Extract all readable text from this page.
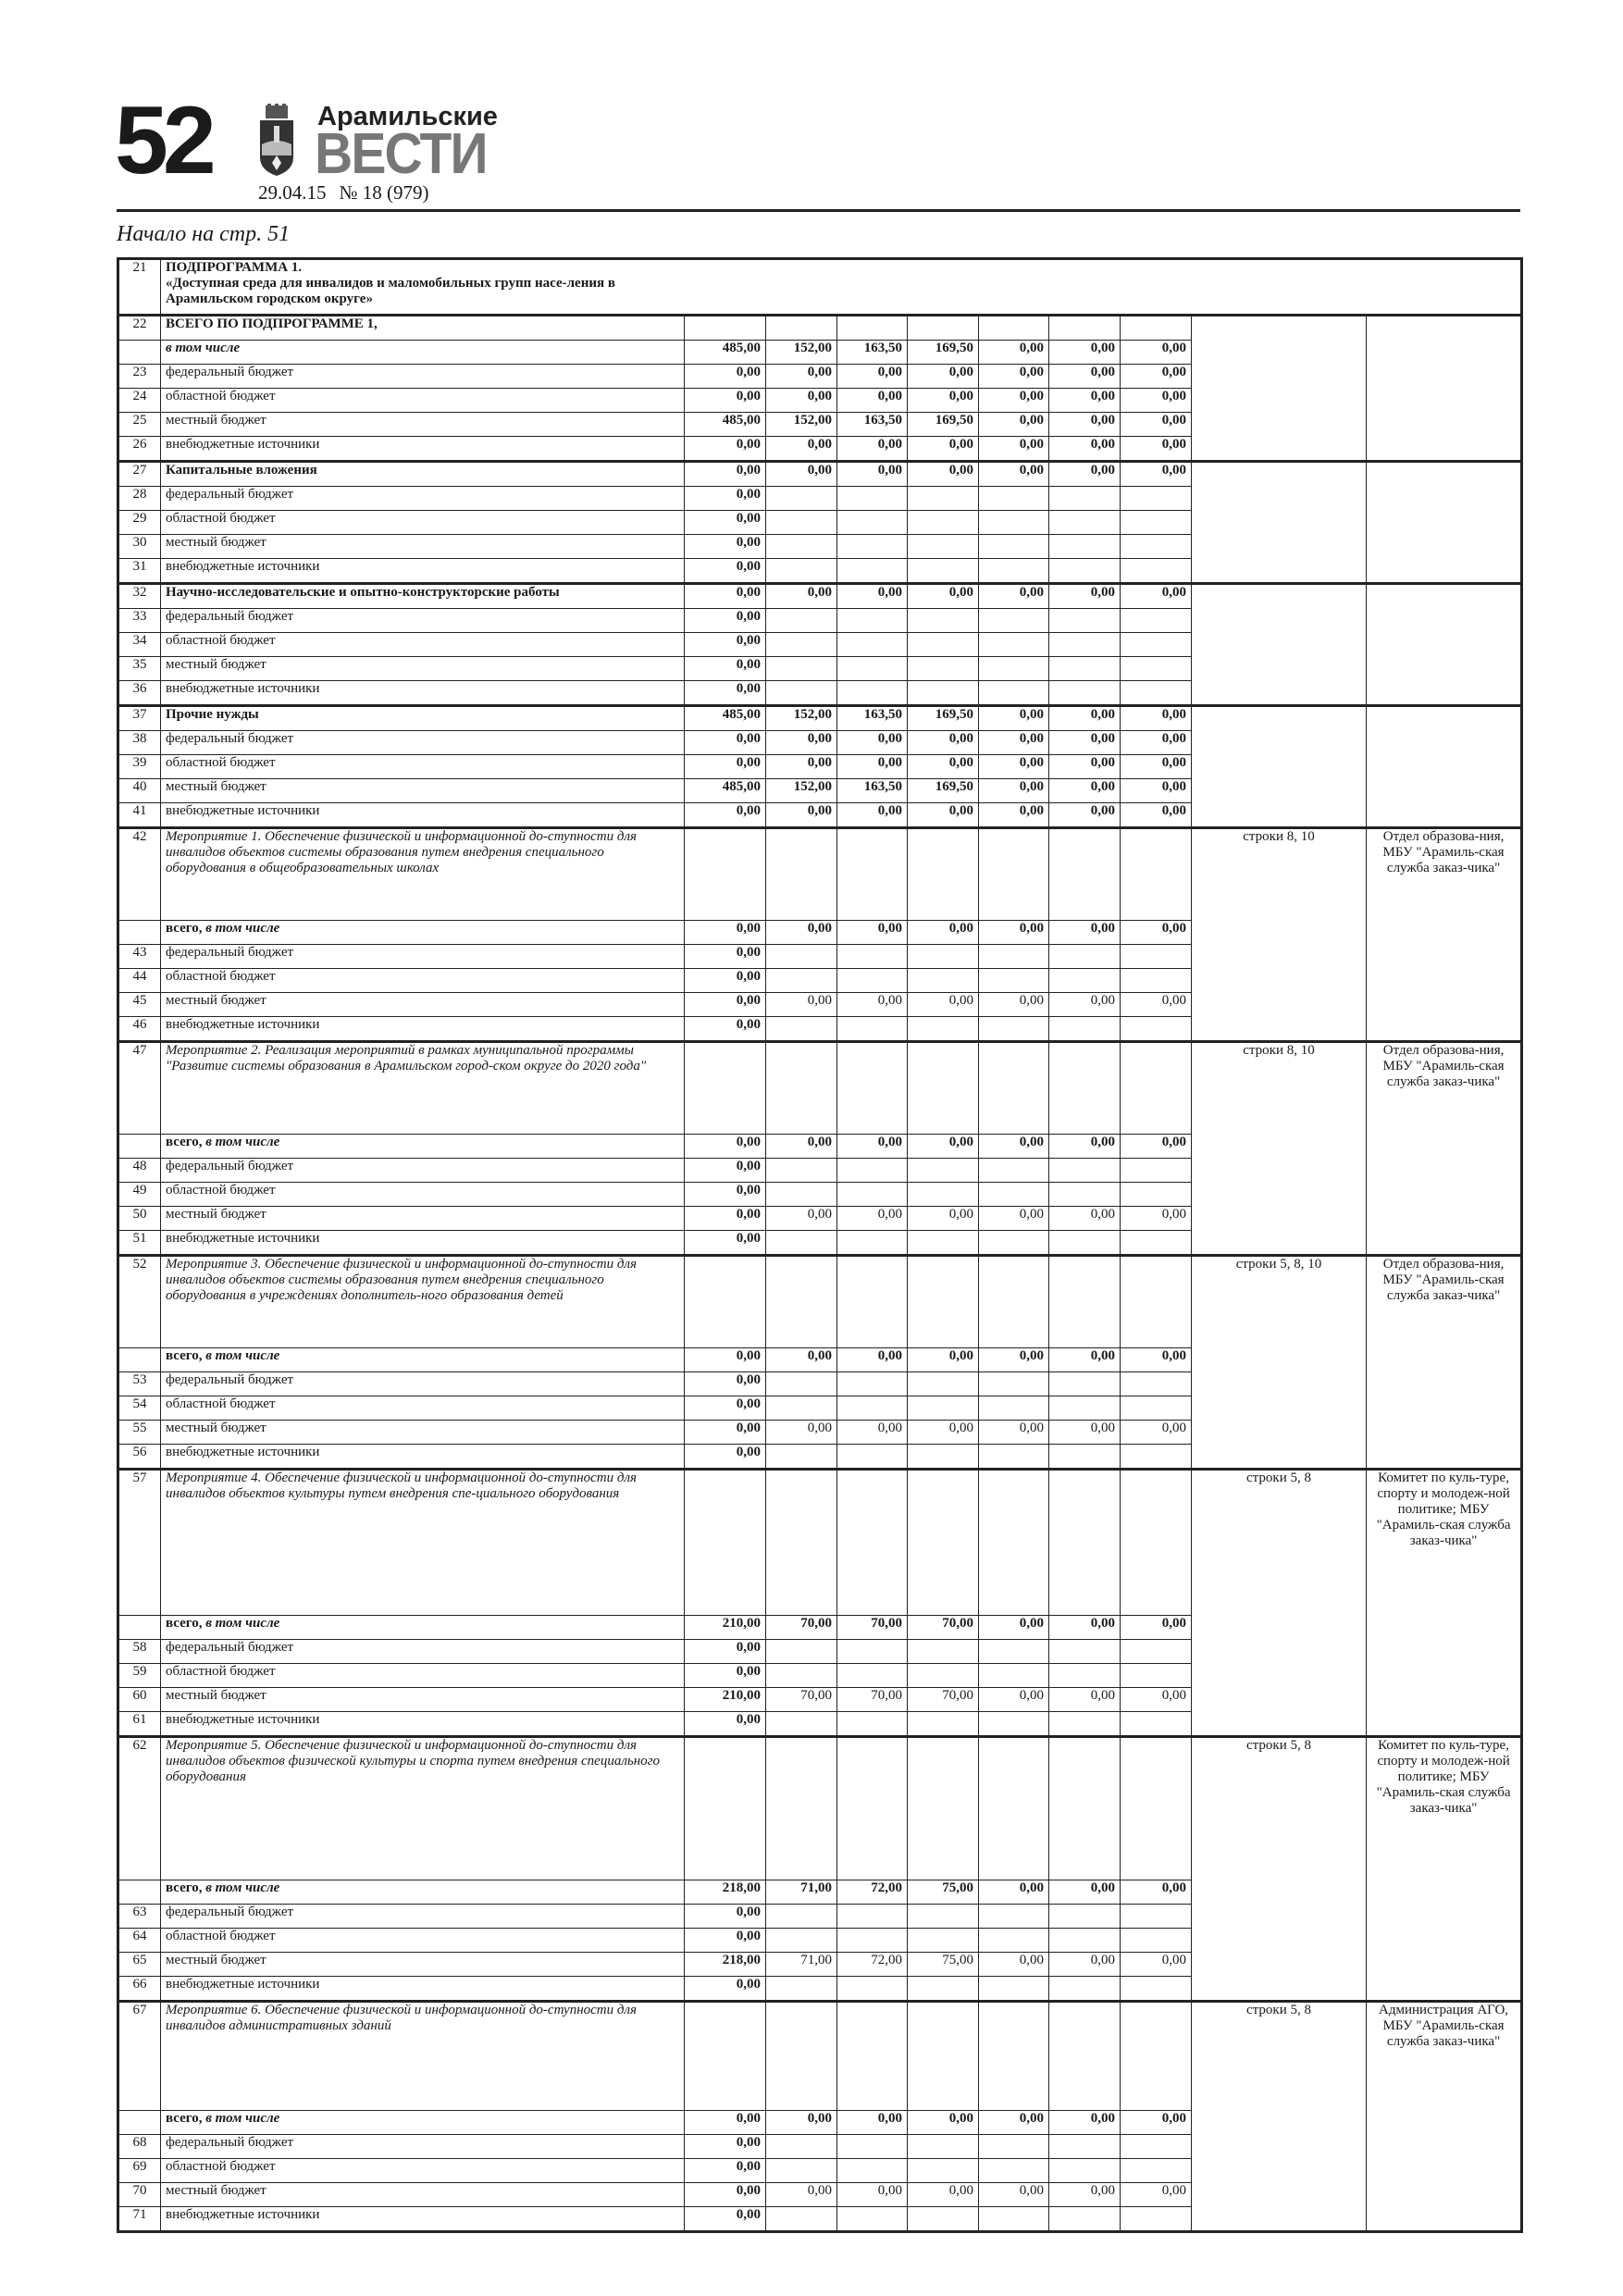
52	Арамильские
ВЕСТИ
29.04.15 № 18 (979)
Начало на стр. 51
21	ПОДПРОГРАММА 1.
«Доступная среда для инвалидов и маломобильных групп насе-ления в Арамильском городском округе»									

22	ВСЕГО ПО ПОДПРОГРАММЕ 1,									
	в том числе	485,00	152,00	163,50	169,50	0,00	0,00	0,00		
23	федеральный бюджет	0,00	0,00	0,00	0,00	0,00	0,00	0,00		
24	областной бюджет	0,00	0,00	0,00	0,00	0,00	0,00	0,00		
25	местный бюджет	485,00	152,00	163,50	169,50	0,00	0,00	0,00		
26	внебюджетные источники	0,00	0,00	0,00	0,00	0,00	0,00	0,00		
27	Капитальные вложения	0,00	0,00	0,00	0,00	0,00	0,00	0,00		
28	федеральный бюджет	0,00								
29	областной бюджет	0,00								
30	местный бюджет	0,00								
31	внебюджетные источники	0,00								
32	Научно-исследовательские и опытно-конструкторские работы	0,00	0,00	0,00	0,00	0,00	0,00	0,00		
33	федеральный бюджет	0,00								
34	областной бюджет	0,00								
35	местный бюджет	0,00								
36	внебюджетные источники	0,00								
37	Прочие нужды	485,00	152,00	163,50	169,50	0,00	0,00	0,00		
38	федеральный бюджет	0,00	0,00	0,00	0,00	0,00	0,00	0,00		
39	областной бюджет	0,00	0,00	0,00	0,00	0,00	0,00	0,00		
40	местный бюджет	485,00	152,00	163,50	169,50	0,00	0,00	0,00		
41	внебюджетные источники	0,00	0,00	0,00	0,00	0,00	0,00	0,00		
42	Мероприятие 1. Обеспечение физической и информационной до-ступности для инвалидов объектов системы образования путем внедрения специального оборудования в общеобразовательных школах								строки 8, 10	Отдел образова-ния, МБУ "Арамиль-ская служба заказ-чика"
	всего, в том числе	0,00	0,00	0,00	0,00	0,00	0,00	0,00		
43	федеральный бюджет	0,00								
44	областной бюджет	0,00								
45	местный бюджет	0,00	0,00	0,00	0,00	0,00	0,00	0,00		
46	внебюджетные источники	0,00								
47	Мероприятие 2. Реализация мероприятий в рамках муниципальной программы "Развитие системы образования в Арамильском город-ском округе до 2020 года"								строки 8, 10	Отдел образова-ния, МБУ "Арамиль-ская служба заказ-чика"
	всего, в том числе	0,00	0,00	0,00	0,00	0,00	0,00	0,00		
48	федеральный бюджет	0,00								
49	областной бюджет	0,00								
50	местный бюджет	0,00	0,00	0,00	0,00	0,00	0,00	0,00		
51	внебюджетные источники	0,00								
52	Мероприятие 3. Обеспечение физической и информационной до-ступности для инвалидов объектов системы образования путем внедрения специального оборудования в учреждениях дополнитель-ного образования детей								строки 5, 8, 10	Отдел образова-ния, МБУ "Арамиль-ская служба заказ-чика"
	всего, в том числе	0,00	0,00	0,00	0,00	0,00	0,00	0,00		
53	федеральный бюджет	0,00								
54	областной бюджет	0,00								
55	местный бюджет	0,00	0,00	0,00	0,00	0,00	0,00	0,00		
56	внебюджетные источники	0,00								
57	Мероприятие 4. Обеспечение физической и информационной до-ступности для инвалидов объектов культуры путем внедрения спе-циального оборудования								строки 5, 8	Комитет по куль-туре, спорту и молодеж-ной политике; МБУ "Арамиль-ская служба заказ-чика"
	всего, в том числе	210,00	70,00	70,00	70,00	0,00	0,00	0,00		
58	федеральный бюджет	0,00								
59	областной бюджет	0,00								
60	местный бюджет	210,00	70,00	70,00	70,00	0,00	0,00	0,00		
61	внебюджетные источники	0,00								
62	Мероприятие 5. Обеспечение физической и информационной до-ступности для инвалидов объектов физической культуры и спорта путем внедрения специального оборудования								строки 5, 8	Комитет по куль-туре, спорту и молодеж-ной политике; МБУ "Арамиль-ская служба заказ-чика"
	всего, в том числе	218,00	71,00	72,00	75,00	0,00	0,00	0,00		
63	федеральный бюджет	0,00								
64	областной бюджет	0,00								
65	местный бюджет	218,00	71,00	72,00	75,00	0,00	0,00	0,00		
66	внебюджетные источники	0,00								
67	Мероприятие 6. Обеспечение физической и информационной до-ступности для инвалидов административных зданий								строки 5, 8	Администрация АГО, МБУ "Арамиль-ская служба заказ-чика"
	всего, в том числе	0,00	0,00	0,00	0,00	0,00	0,00	0,00		
68	федеральный бюджет	0,00								
69	областной бюджет	0,00								
70	местный бюджет	0,00	0,00	0,00	0,00	0,00	0,00	0,00		
71	внебюджетные источники	0,00								
